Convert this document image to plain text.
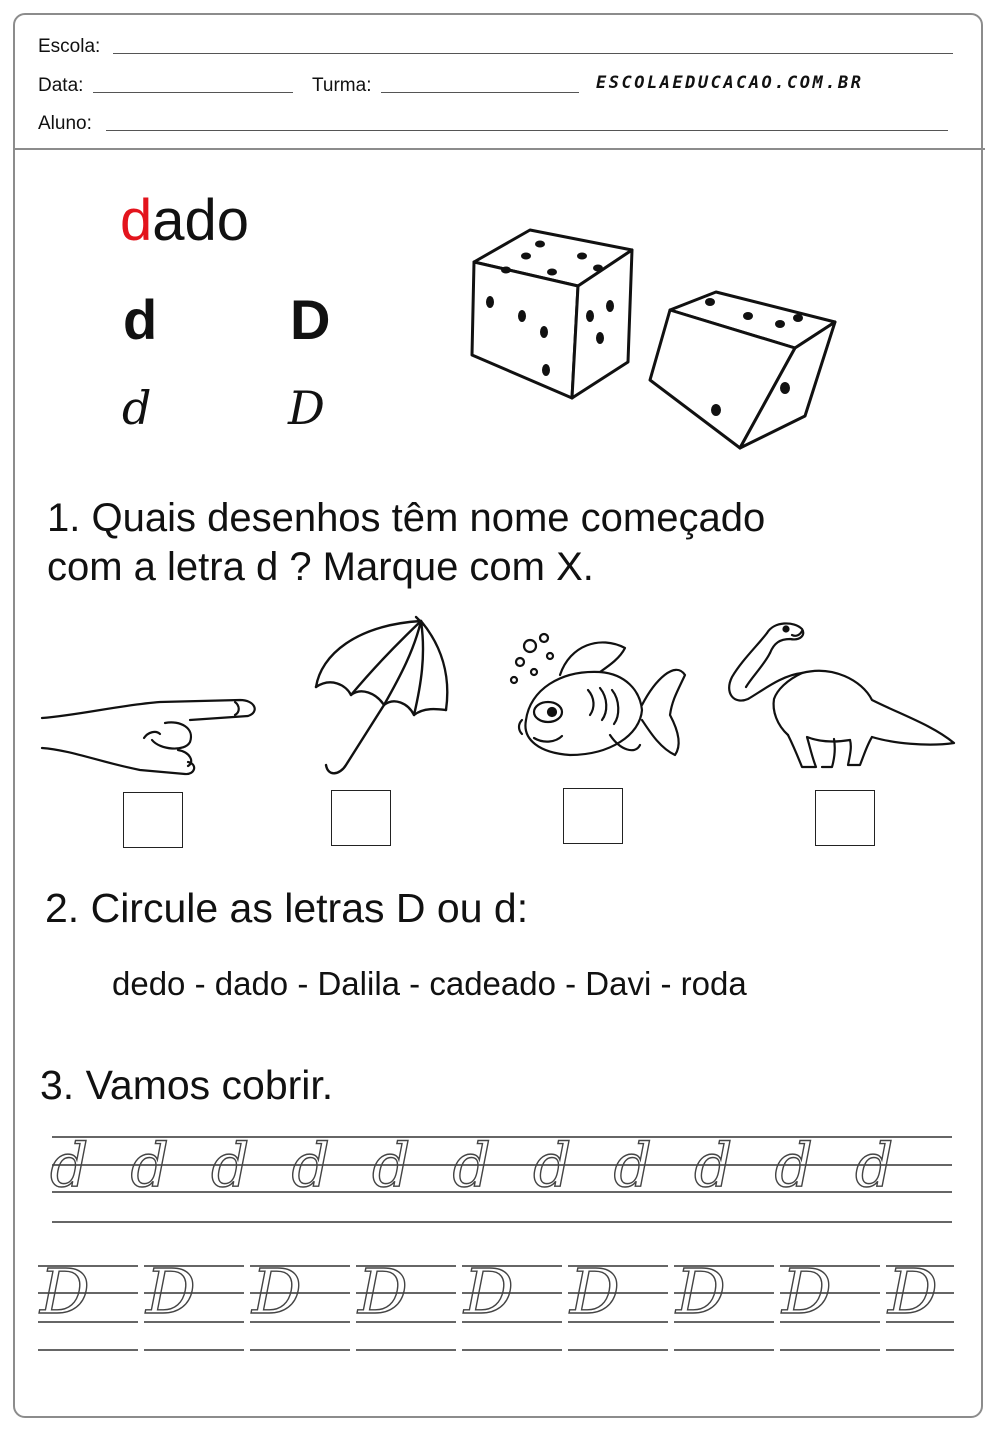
Escola:
Data:	Turma:	ESCOLAEDUCACAO.COM.BR
Aluno:
dado
d D
d	D
1. Quais desenhos têm nome começado
com a letra d ? Marque com X.
2. Circule as letras D ou d:
dedo - dado - Dalila - cadeado - Davi - roda
3. Vamos cobrir.
d d d d d d d d d d d
D D D D D D D D D
